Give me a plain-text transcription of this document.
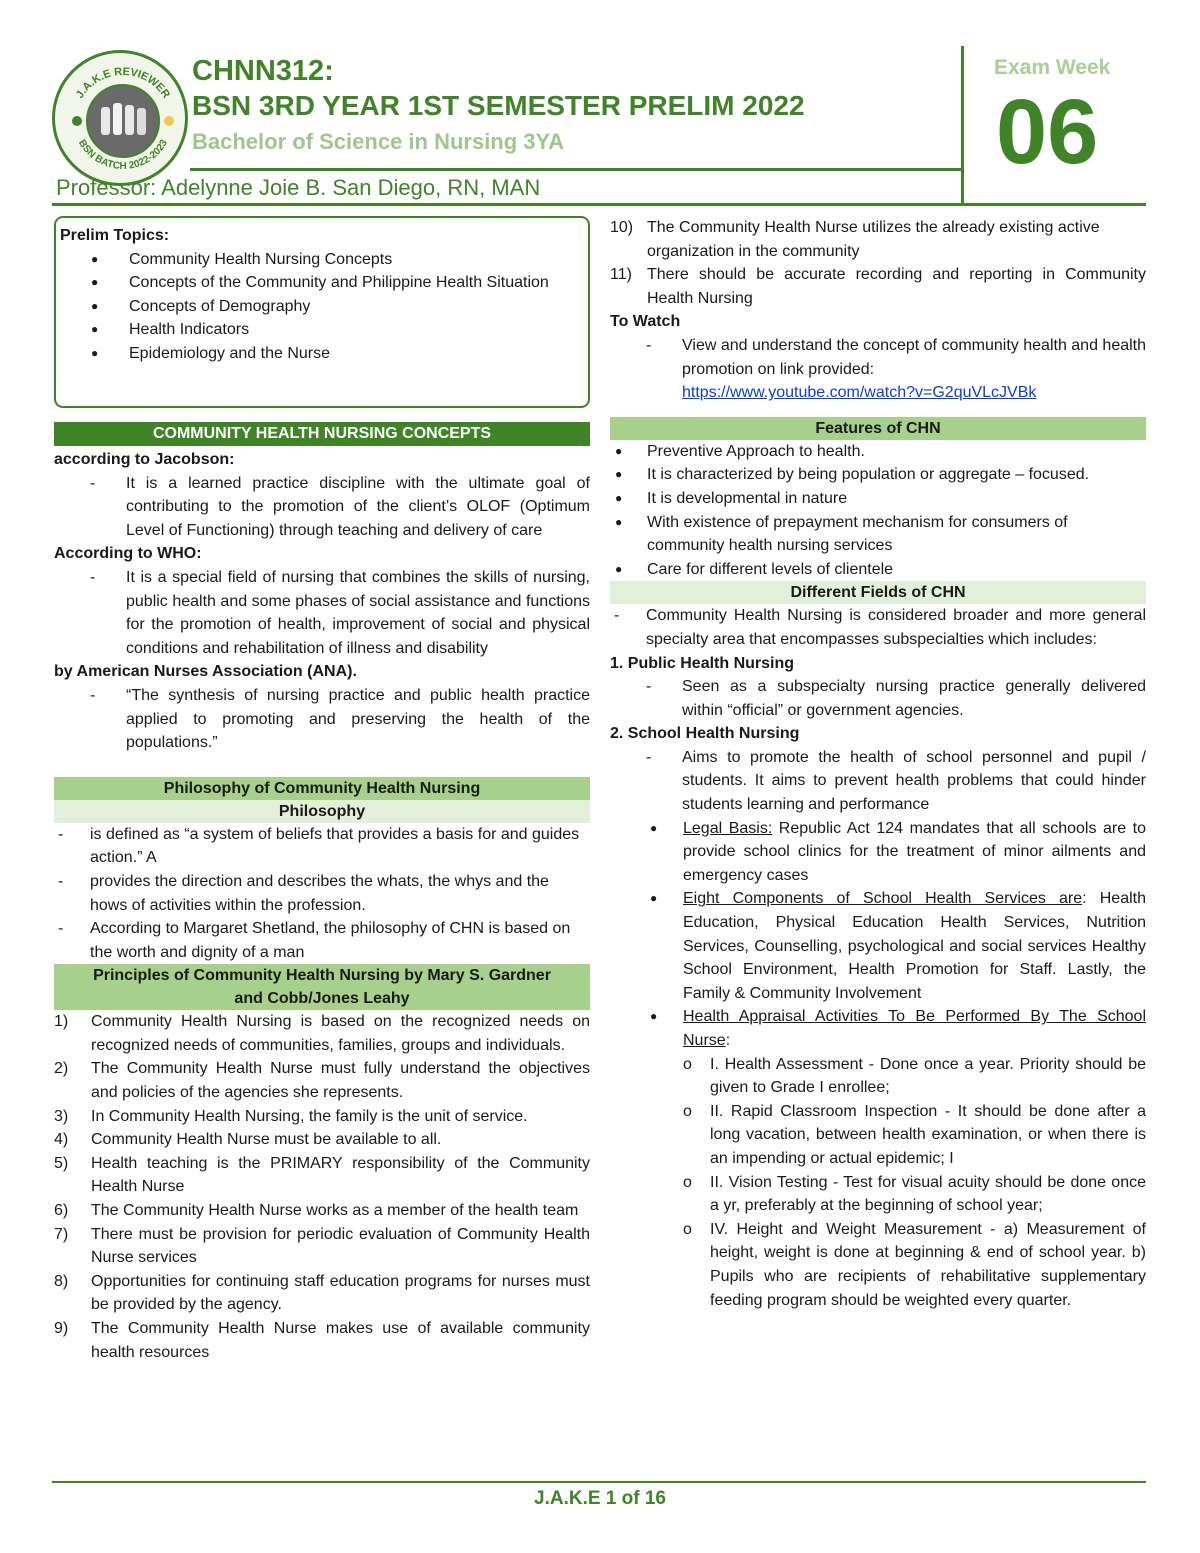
J.A.K.E REVIEWER
BSN BATCH 2022-2023
CHNN312:
BSN 3RD YEAR 1ST SEMESTER PRELIM 2022
Bachelor of Science in Nursing 3YA
Professor: Adelynne Joie B. San Diego, RN, MAN
Exam Week
06
Prelim Topics:
● Community Health Nursing Concepts
● Concepts of the Community and Philippine Health Situation
● Concepts of Demography
● Health Indicators
● Epidemiology and the Nurse
COMMUNITY HEALTH NURSING CONCEPTS
according to Jacobson:
- It is a learned practice discipline with the ultimate goal of contributing to the promotion of the client’s OLOF (Optimum Level of Functioning) through teaching and delivery of care
According to WHO:
- It is a special field of nursing that combines the skills of nursing, public health and some phases of social assistance and functions for the promotion of health, improvement of social and physical conditions and rehabilitation of illness and disability
by American Nurses Association (ANA).
- “The synthesis of nursing practice and public health practice applied to promoting and preserving the health of the populations.”
Philosophy of Community Health Nursing
Philosophy
- is defined as “a system of beliefs that provides a basis for and guides action.” A
- provides the direction and describes the whats, the whys and the hows of activities within the profession.
- According to Margaret Shetland, the philosophy of CHN is based on the worth and dignity of a man
Principles of Community Health Nursing by Mary S. Gardner and Cobb/Jones Leahy
1) Community Health Nursing is based on the recognized needs on recognized needs of communities, families, groups and individuals.
2) The Community Health Nurse must fully understand the objectives and policies of the agencies she represents.
3) In Community Health Nursing, the family is the unit of service.
4) Community Health Nurse must be available to all.
5) Health teaching is the PRIMARY responsibility of the Community Health Nurse
6) The Community Health Nurse works as a member of the health team
7) There must be provision for periodic evaluation of Community Health Nurse services
8) Opportunities for continuing staff education programs for nurses must be provided by the agency.
9) The Community Health Nurse makes use of available community health resources
10) The Community Health Nurse utilizes the already existing active organization in the community
11) There should be accurate recording and reporting in Community Health Nursing
To Watch
- View and understand the concept of community health and health promotion on link provided:
https://www.youtube.com/watch?v=G2quVLcJVBk
Features of CHN
● Preventive Approach to health.
● It is characterized by being population or aggregate – focused.
● It is developmental in nature
● With existence of prepayment mechanism for consumers of community health nursing services
● Care for different levels of clientele
Different Fields of CHN
- Community Health Nursing is considered broader and more general specialty area that encompasses subspecialties which includes:
1. Public Health Nursing
- Seen as a subspecialty nursing practice generally delivered within “official” or government agencies.
2. School Health Nursing
- Aims to promote the health of school personnel and pupil / students. It aims to prevent health problems that could hinder students learning and performance
● Legal Basis: Republic Act 124 mandates that all schools are to provide school clinics for the treatment of minor ailments and emergency cases
● Eight Components of School Health Services are: Health Education, Physical Education Health Services, Nutrition Services, Counselling, psychological and social services Healthy School Environment, Health Promotion for Staff. Lastly, the Family & Community Involvement
● Health Appraisal Activities To Be Performed By The School Nurse:
o I. Health Assessment - Done once a year. Priority should be given to Grade I enrollee;
o II. Rapid Classroom Inspection - It should be done after a long vacation, between health examination, or when there is an impending or actual epidemic; I
o II. Vision Testing - Test for visual acuity should be done once a yr, preferably at the beginning of school year;
o IV. Height and Weight Measurement - a) Measurement of height, weight is done at beginning & end of school year. b) Pupils who are recipients of rehabilitative supplementary feeding program should be weighted every quarter.
J.A.K.E 1 of 16
